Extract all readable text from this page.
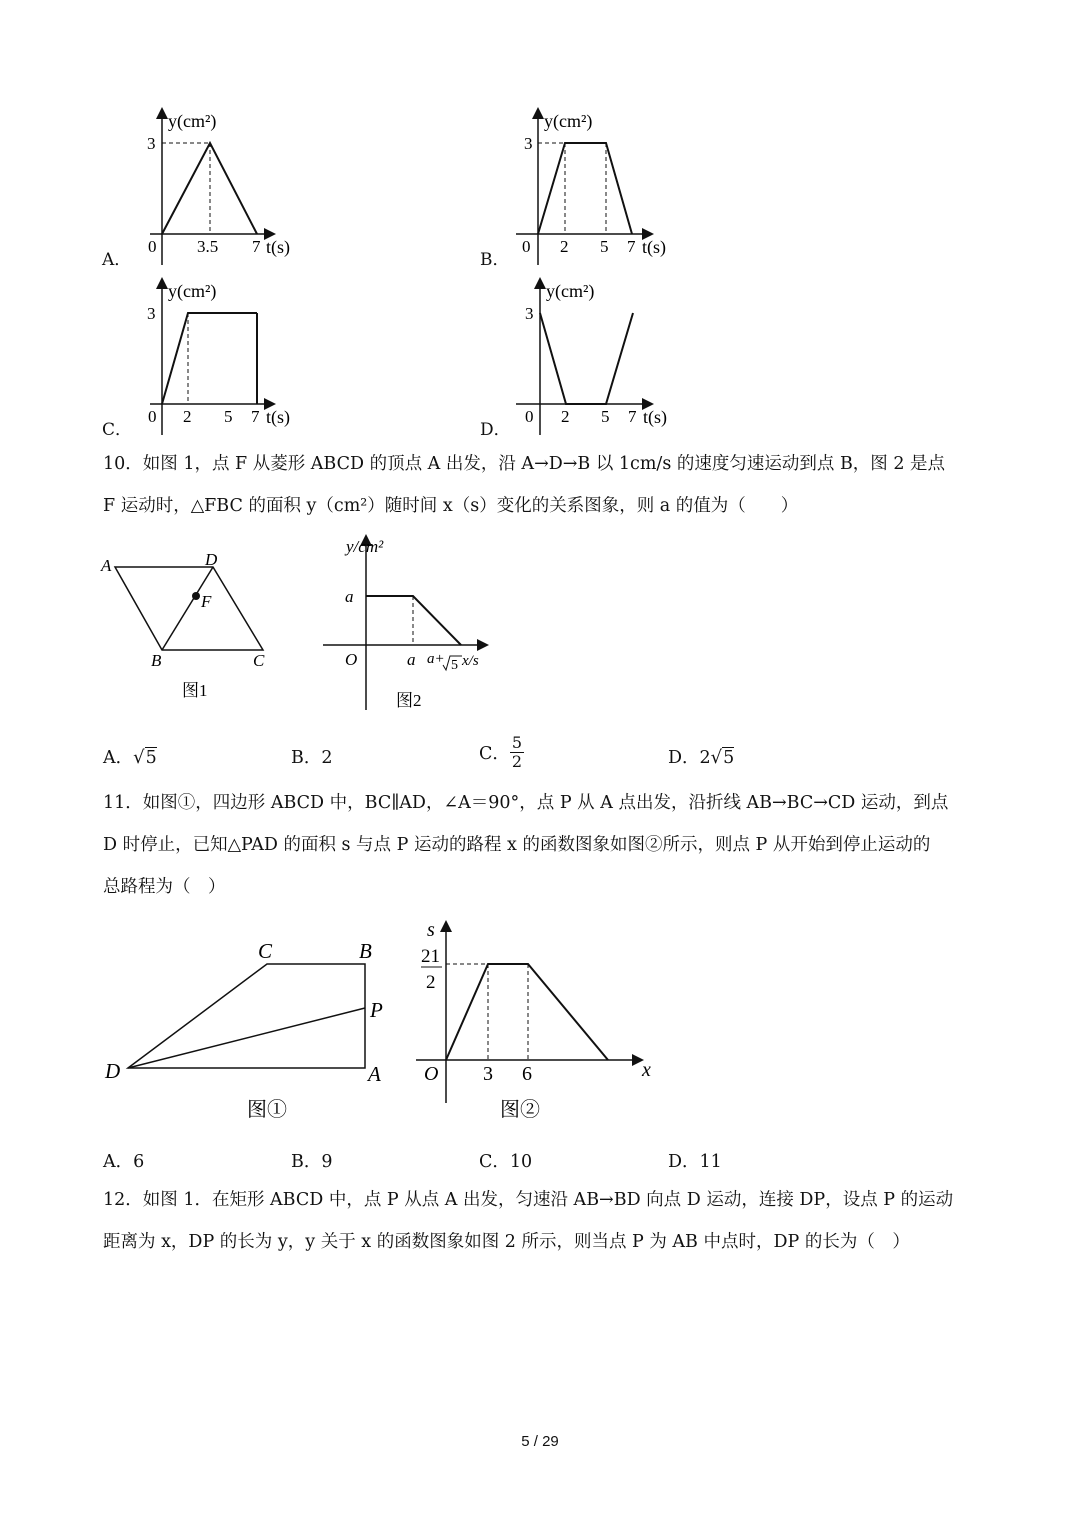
A．
y(cm²)
3
0 3.5 7 t(s)
B．
y(cm²)
3
0 2 5 7 t(s)
C．
y(cm²)
3
0 2 5 7 t(s)
D．
y(cm²)
3
0 2 5 7 t(s)
10．如图 1，点 F 从菱形 ABCD 的顶点 A 出发，沿 A→D→B 以 1cm/s 的速度匀速运动到点 B，图 2 是点
F 运动时，△FBC 的面积 y（cm²）随时间 x（s）变化的关系图象，则 a 的值为（　　）
A	D
F
B	C
图1
y/cm²
a
O	a a+ 5 x/s
图2
A．√5	B．2	C． $\frac{5}{2}$	D．2√5
11．如图①，四边形 ABCD 中，BC∥AD，∠A＝90°，点 P 从 A 点出发，沿折线 AB→BC→CD 运动，到点
D 时停止，已知△PAD 的面积 s 与点 P 运动的路程 x 的函数图象如图②所示，则点 P 从开始到停止运动的
总路程为（　）
C	B
P
D	A
图①
s
21
2
O 3 6	x
图②
A．6	B．9	C．10	D．11
12．如图 1．在矩形 ABCD 中，点 P 从点 A 出发，匀速沿 AB→BD 向点 D 运动，连接 DP，设点 P 的运动
距离为 x，DP 的长为 y，y 关于 x 的函数图象如图 2 所示，则当点 P 为 AB 中点时，DP 的长为（　）
5 / 29
